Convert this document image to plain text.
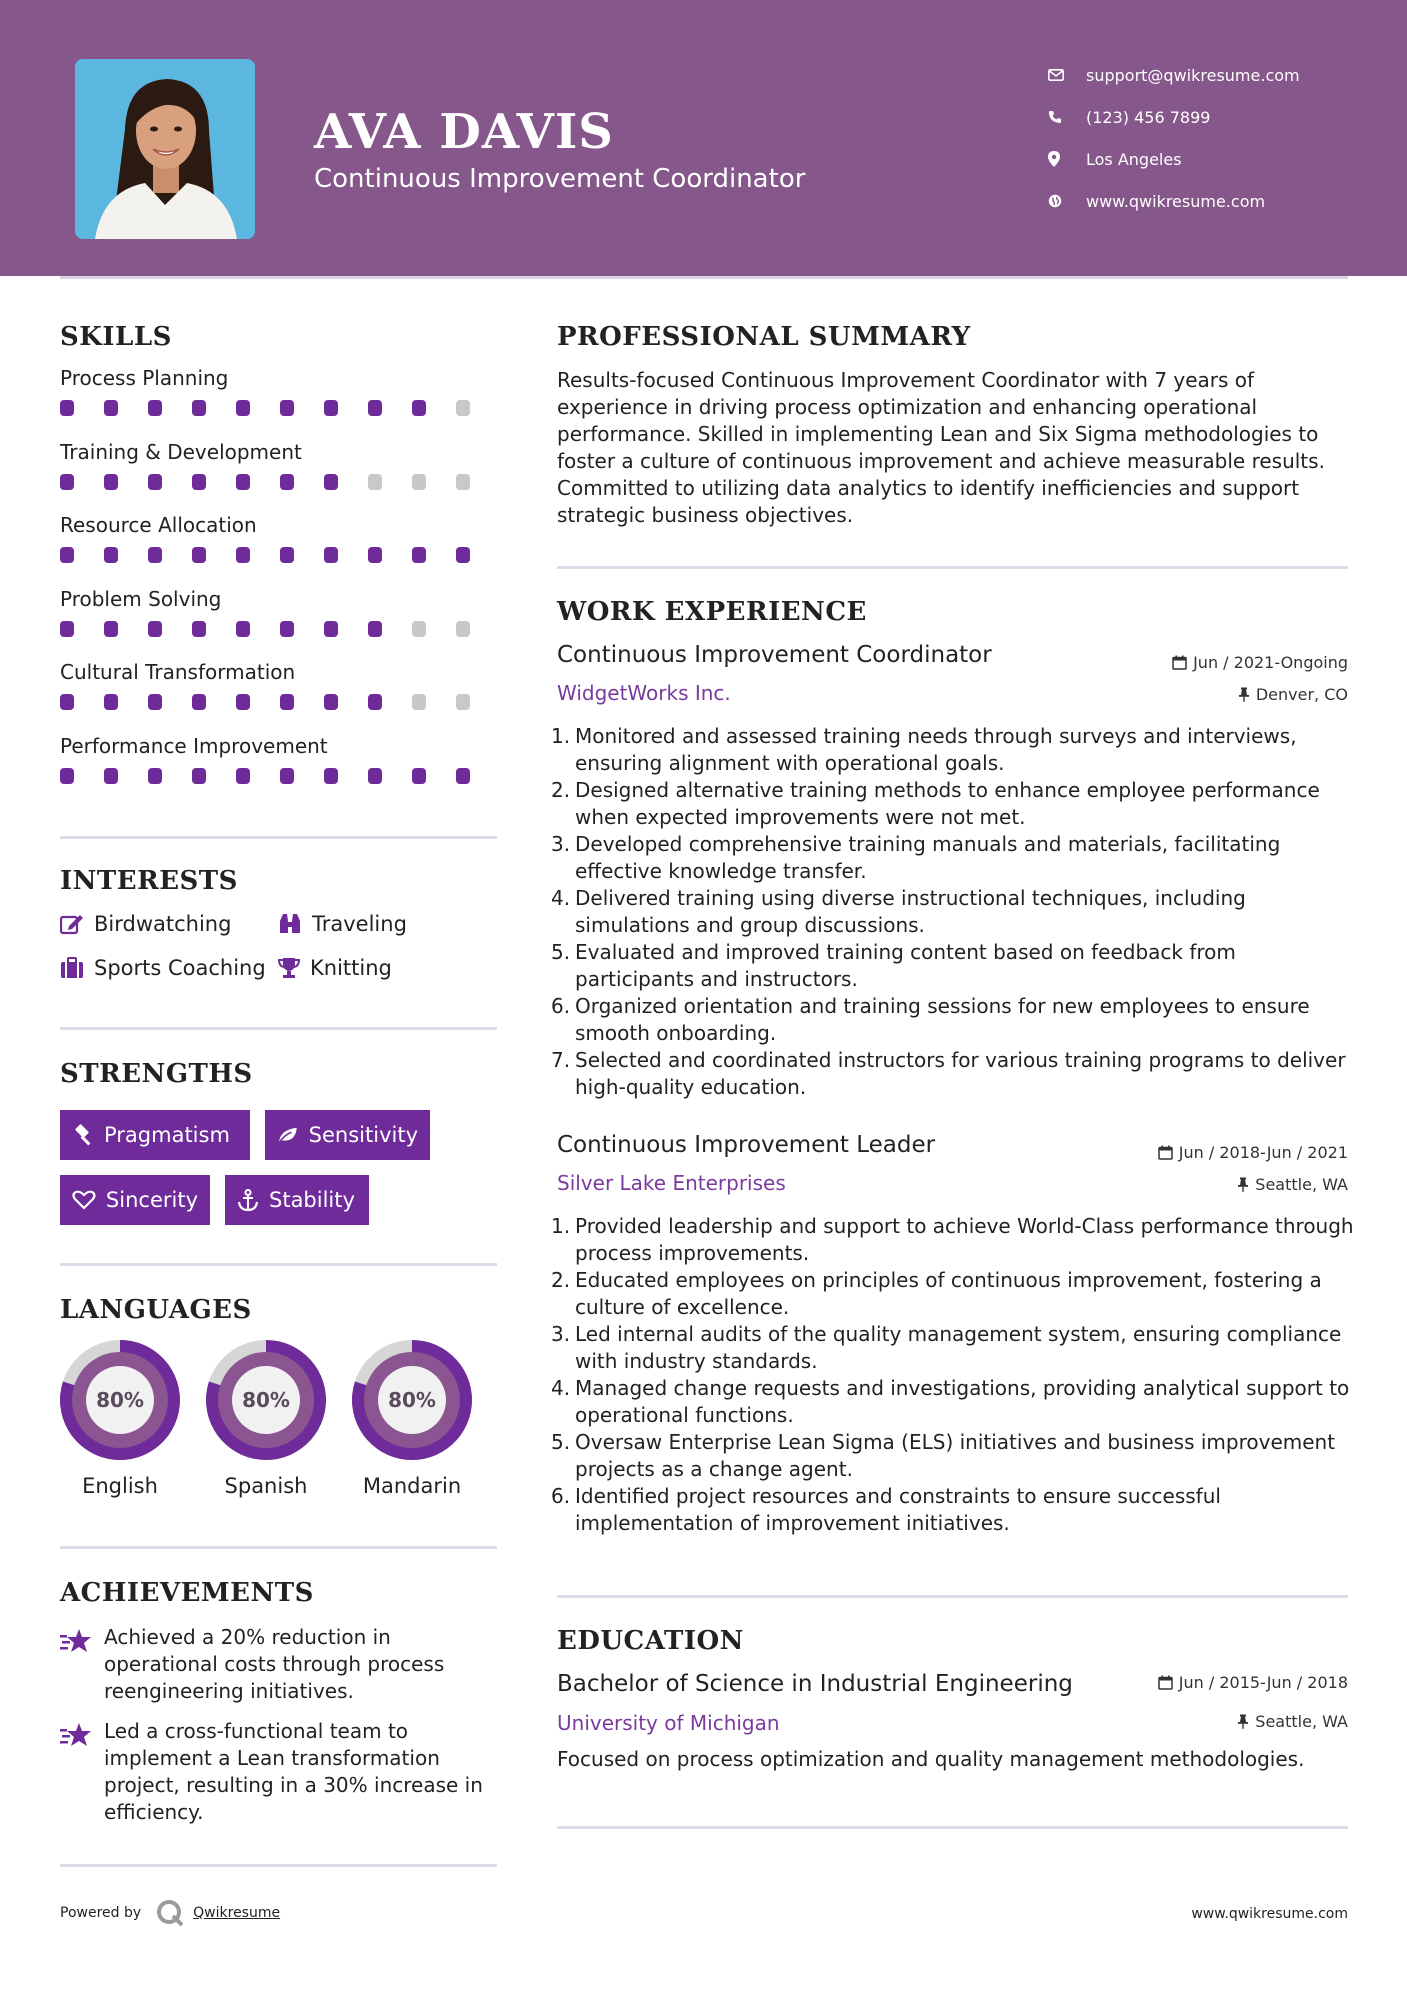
AVA DAVIS
Continuous Improvement Coordinator
support@qwikresume.com
(123) 456 7899
Los Angeles
www.qwikresume.com
SKILLS
Process Planning
Training & Development
Resource Allocation
Problem Solving
Cultural Transformation
Performance Improvement
INTERESTS
Birdwatching	Traveling
Sports Coaching Knitting
STRENGTHS
Pragmatism	Sensitivity
Sincerity	Stability
LANGUAGES
80%
English
80%
Spanish
80%
Mandarin
ACHIEVEMENTS
Achieved a 20% reduction in operational costs through process reengineering initiatives.
Led a cross-functional team to implement a Lean transformation project, resulting in a 30% increase in efficiency.
PROFESSIONAL SUMMARY
Results-focused Continuous Improvement Coordinator with 7 years of experience in driving process optimization and enhancing operational performance. Skilled in implementing Lean and Six Sigma methodologies to foster a culture of continuous improvement and achieve measurable results. Committed to utilizing data analytics to identify inefficiencies and support strategic business objectives.
WORK EXPERIENCE
Continuous Improvement Coordinator	Jun / 2021-Ongoing
WidgetWorks Inc.	Denver, CO
1. Monitored and assessed training needs through surveys and interviews, ensuring alignment with operational goals.
2. Designed alternative training methods to enhance employee performance when expected improvements were not met.
3. Developed comprehensive training manuals and materials, facilitating effective knowledge transfer.
4. Delivered training using diverse instructional techniques, including simulations and group discussions.
5. Evaluated and improved training content based on feedback from participants and instructors.
6. Organized orientation and training sessions for new employees to ensure smooth onboarding.
7. Selected and coordinated instructors for various training programs to deliver high-quality education.
Continuous Improvement Leader	Jun / 2018-Jun / 2021
Silver Lake Enterprises	Seattle, WA
1. Provided leadership and support to achieve World-Class performance through process improvements.
2. Educated employees on principles of continuous improvement, fostering a culture of excellence.
3. Led internal audits of the quality management system, ensuring compliance with industry standards.
4. Managed change requests and investigations, providing analytical support to operational functions.
5. Oversaw Enterprise Lean Sigma (ELS) initiatives and business improvement projects as a change agent.
6. Identified project resources and constraints to ensure successful implementation of improvement initiatives.
EDUCATION
Bachelor of Science in Industrial Engineering	Jun / 2015-Jun / 2018
University of Michigan	Seattle, WA
Focused on process optimization and quality management methodologies.
Powered by	Qwikresume	www.qwikresume.com
